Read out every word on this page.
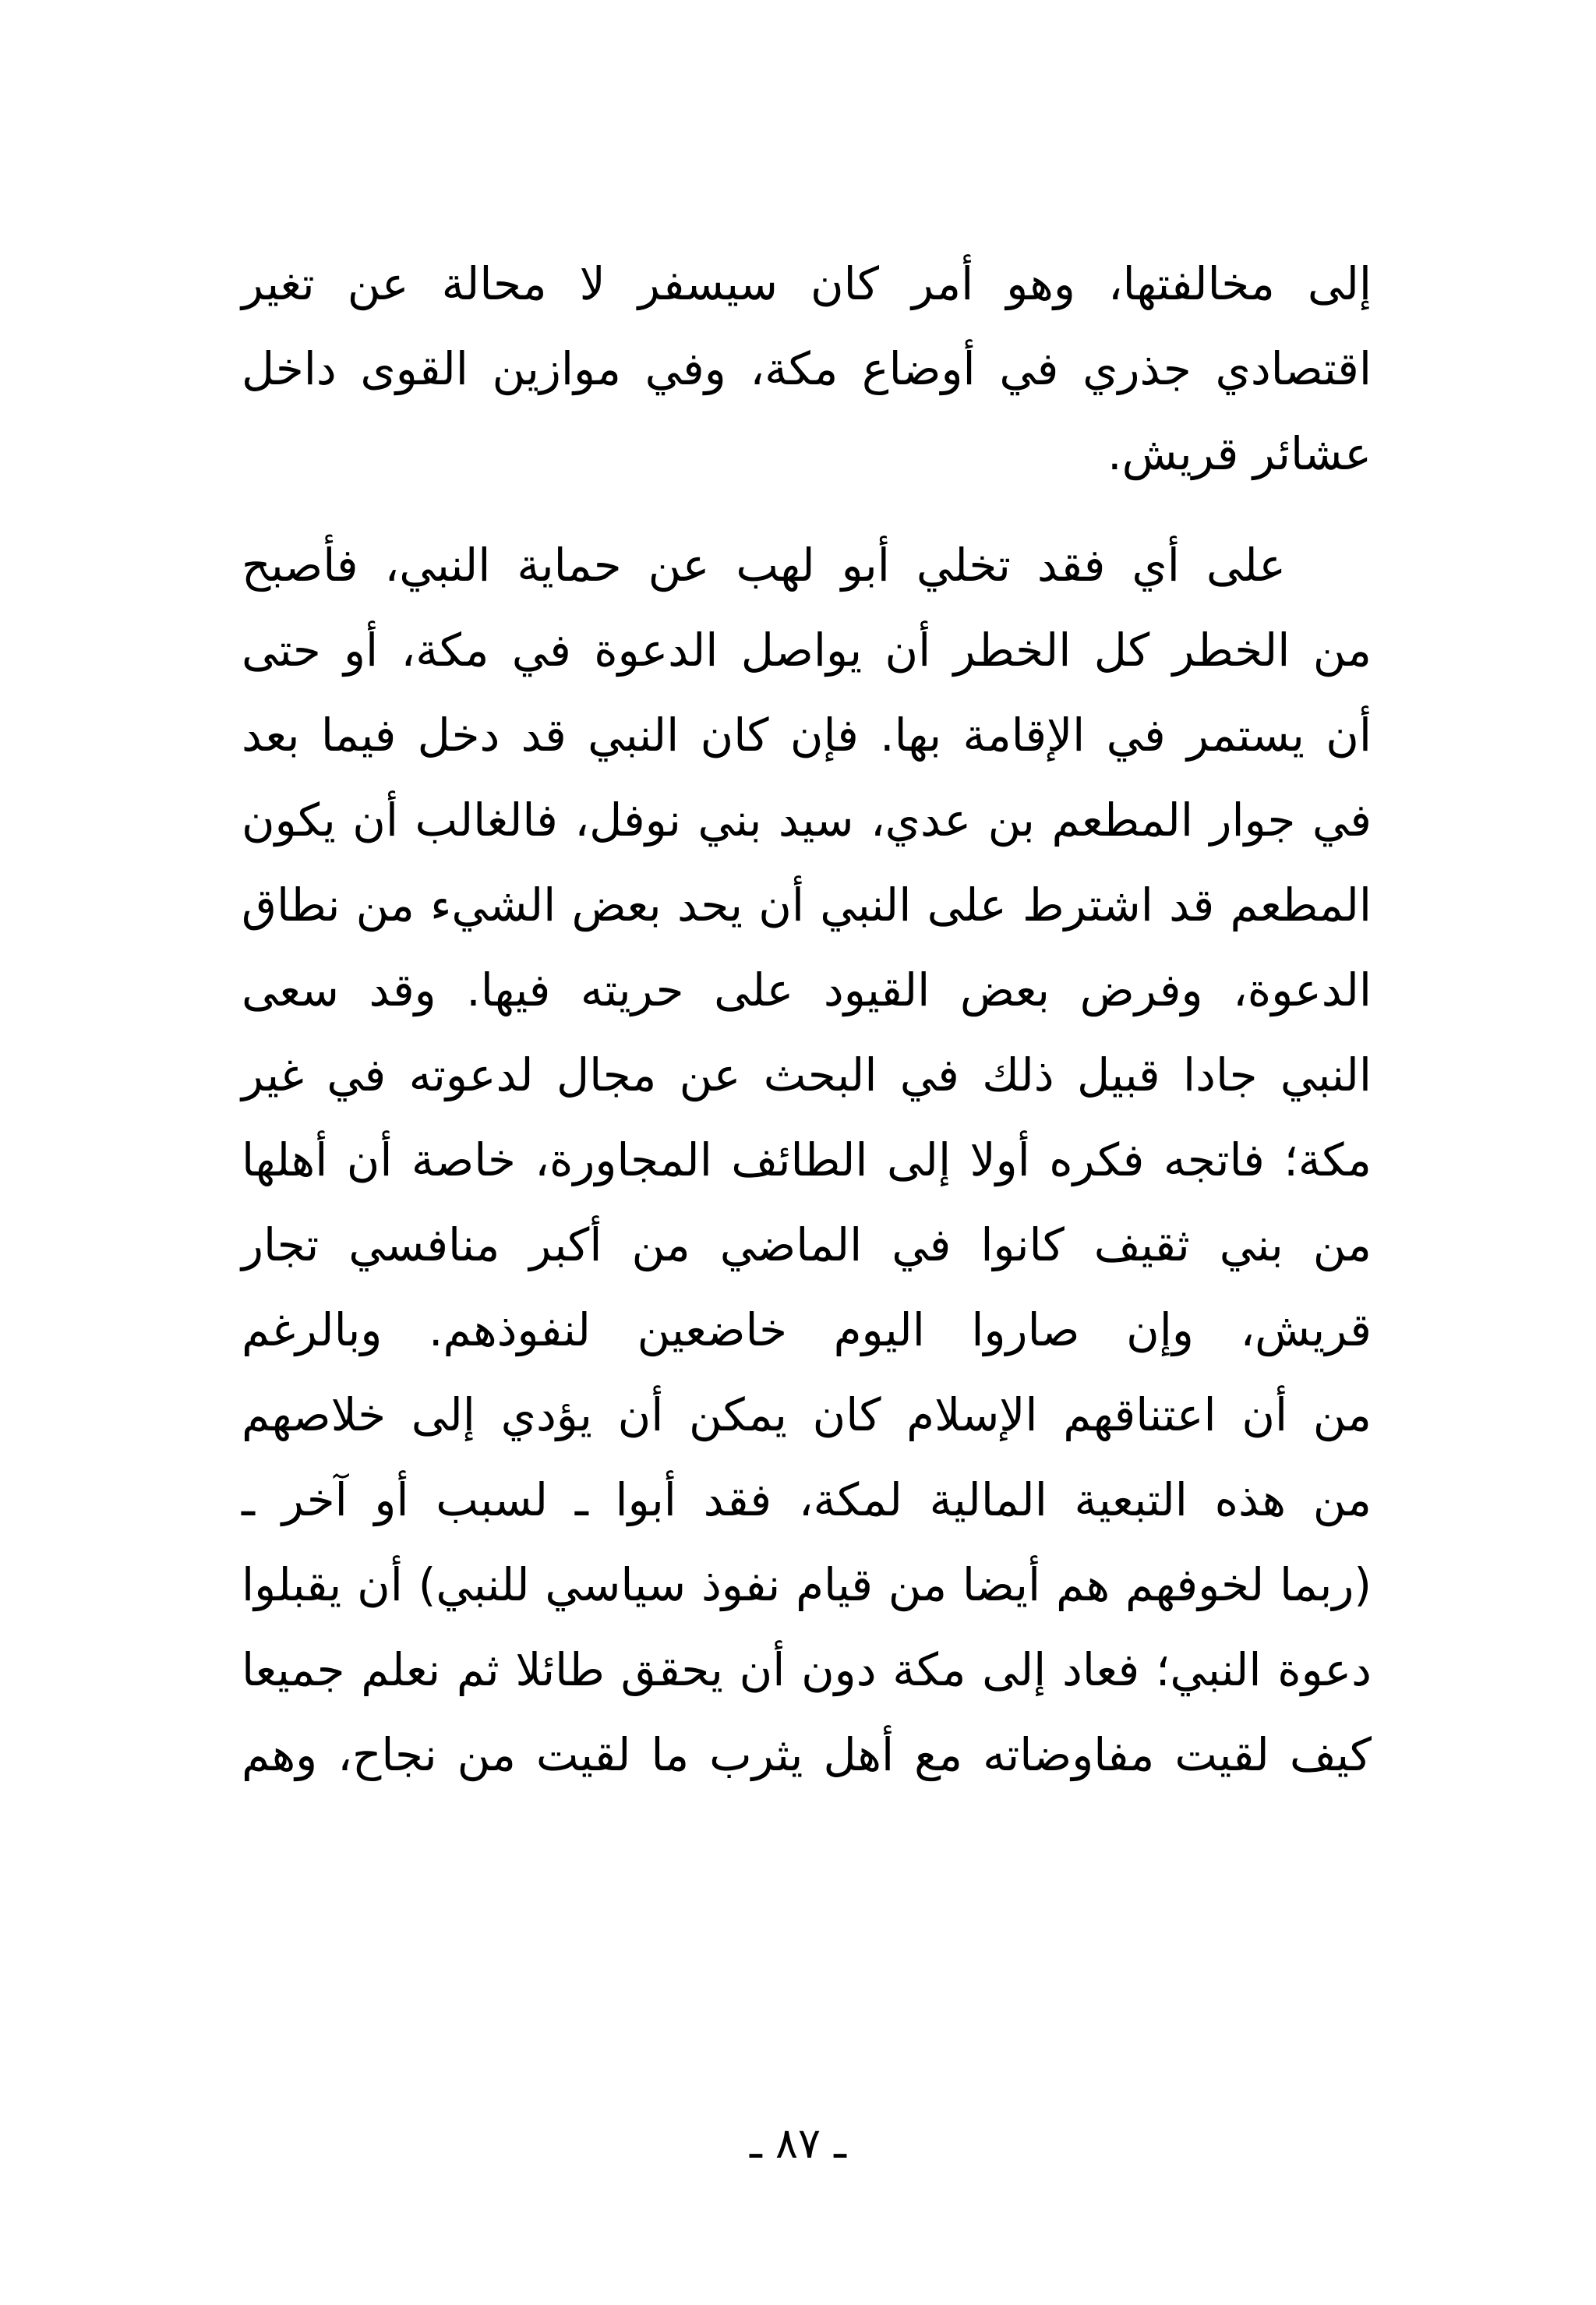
إلى مخالفتها، وهو أمر كان سيسفر لا محالة عن تغير
اقتصادي جذري في أوضاع مكة، وفي موازين القوى داخل
عشائر قريش.
على أي فقد تخلي أبو لهب عن حماية النبي، فأصبح
من الخطر كل الخطر أن يواصل الدعوة في مكة، أو حتى
أن يستمر في الإقامة بها. فإن كان النبي قد دخل فيما بعد
في جوار المطعم بن عدي، سيد بني نوفل، فالغالب أن يكون
المطعم قد اشترط على النبي أن يحد بعض الشيء من نطاق
الدعوة، وفرض بعض القيود على حريته فيها. وقد سعى
النبي جادا قبيل ذلك في البحث عن مجال لدعوته في غير
مكة؛ فاتجه فكره أولا إلى الطائف المجاورة، خاصة أن أهلها
من بني ثقيف كانوا في الماضي من أكبر منافسي تجار
قريش، وإن صاروا اليوم خاضعين لنفوذهم. وبالرغم
من أن اعتناقهم الإسلام كان يمكن أن يؤدي إلى خلاصهم
من هذه التبعية المالية لمكة، فقد أبوا ـ لسبب أو آخر ـ
(ربما لخوفهم هم أيضا من قيام نفوذ سياسي للنبي) أن يقبلوا
دعوة النبي؛ فعاد إلى مكة دون أن يحقق طائلا ثم نعلم جميعا
كيف لقيت مفاوضاته مع أهل يثرب ما لقيت من نجاح، وهم
ـ ٨٧ ـ
